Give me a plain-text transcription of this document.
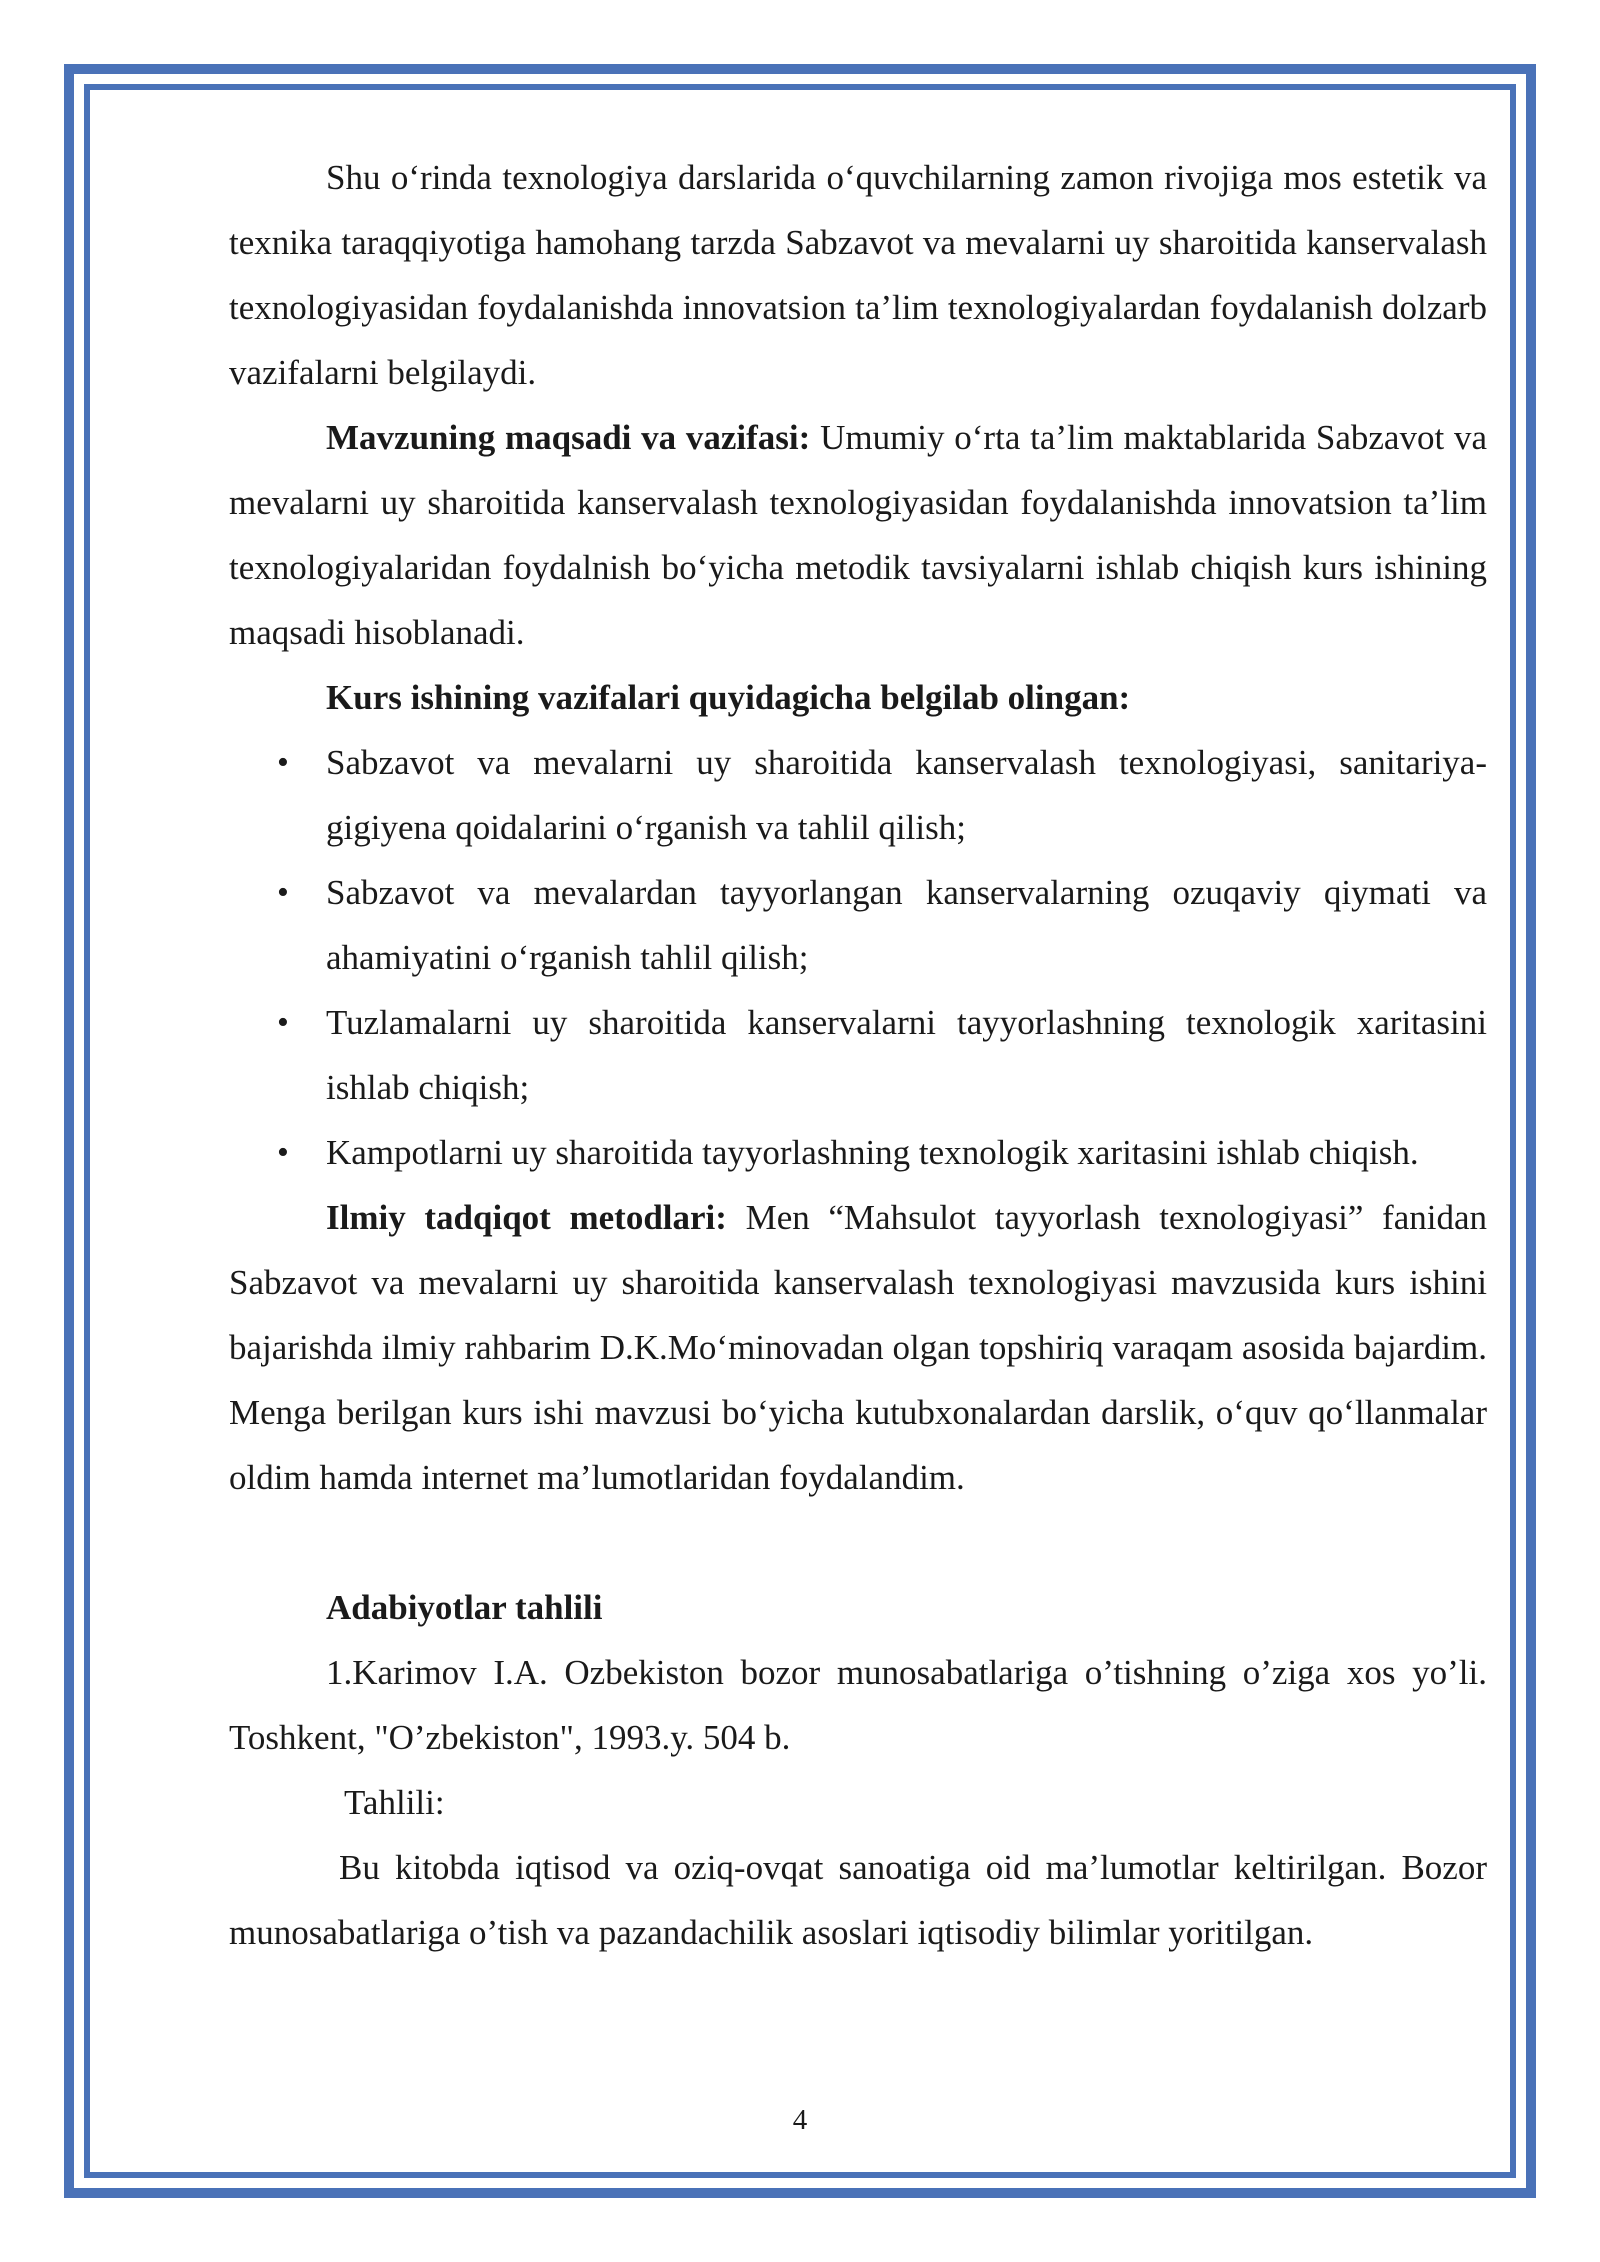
Shu o‘rinda texnologiya darslarida o‘quvchilarning zamon rivojiga mos estetik va texnika taraqqiyotiga hamohang tarzda Sabzavot va mevalarni uy sharoitida kanservalash texnologiyasidan foydalanishda innovatsion ta’lim texnologiyalardan foydalanish dolzarb vazifalarni belgilaydi.

Mavzuning maqsadi va vazifasi: Umumiy o‘rta ta’lim maktablarida Sabzavot va mevalarni uy sharoitida kanservalash texnologiyasidan foydalanishda innovatsion ta’lim texnologiyalaridan foydalnish bo‘yicha metodik tavsiyalarni ishlab chiqish kurs ishining maqsadi hisoblanadi.

Kurs ishining vazifalari quyidagicha belgilab olingan:

• Sabzavot va mevalarni uy sharoitida kanservalash texnologiyasi, sanitariya-gigiyena qoidalarini o‘rganish va tahlil qilish;
• Sabzavot va mevalardan tayyorlangan kanservalarning ozuqaviy qiymati va ahamiyatini o‘rganish tahlil qilish;
• Tuzlamalarni uy sharoitida kanservalarni tayyorlashning texnologik xaritasini ishlab chiqish;
• Kampotlarni uy sharoitida tayyorlashning texnologik xaritasini ishlab chiqish.

Ilmiy tadqiqot metodlari: Men “Mahsulot tayyorlash texnologiyasi” fanidan Sabzavot va mevalarni uy sharoitida kanservalash texnologiyasi mavzusida kurs ishini bajarishda ilmiy rahbarim D.K.Mo‘minovadan olgan topshiriq varaqam asosida bajardim. Menga berilgan kurs ishi mavzusi bo‘yicha kutubxonalardan darslik, o‘quv qo‘llanmalar oldim hamda internet ma’lumotlaridan foydalandim.

Adabiyotlar tahlili

1.Karimov I.A. Ozbekiston bozor munosabatlariga o’tishning o’ziga xos yo’li. Toshkent, "O’zbekiston", 1993.y. 504 b.

Tahlili:

Bu kitobda iqtisod va oziq-ovqat sanoatiga oid ma’lumotlar keltirilgan. Bozor munosabatlariga o’tish va pazandachilik asoslari iqtisodiy bilimlar yoritilgan.

4
